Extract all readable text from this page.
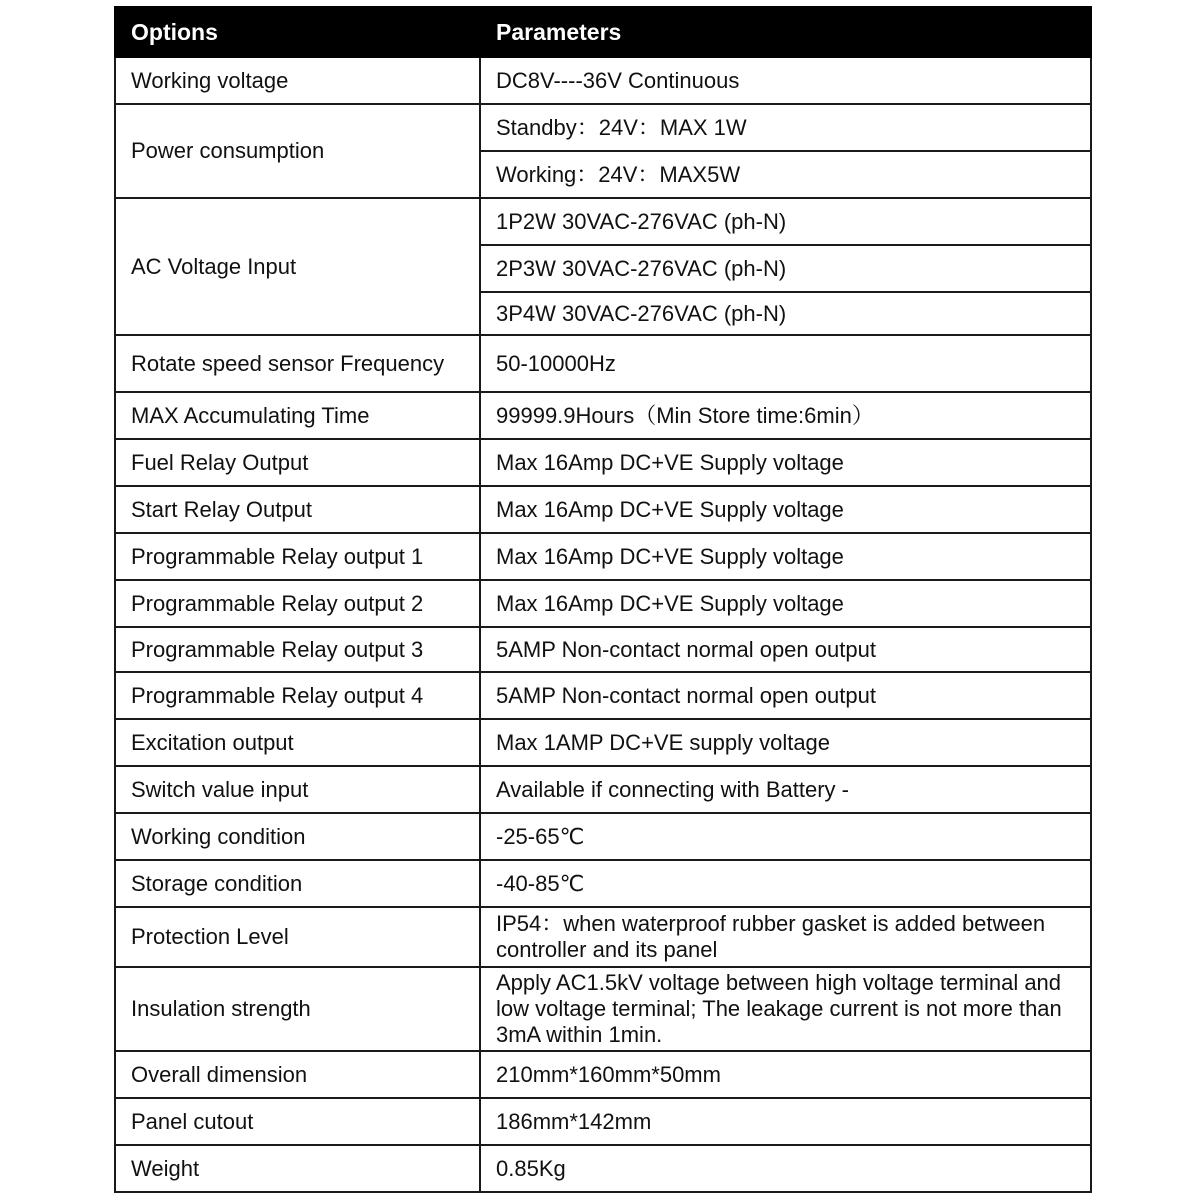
Options	Parameters
Working voltage	DC8V----36V Continuous
Power consumption	Standby：24V：MAX 1W
	Working：24V：MAX5W
AC Voltage Input	1P2W 30VAC-276VAC (ph-N)
	2P3W 30VAC-276VAC (ph-N)
	3P4W 30VAC-276VAC (ph-N)
Rotate speed sensor Frequency	50-10000Hz
MAX Accumulating Time	99999.9Hours（Min Store time:6min）
Fuel Relay Output	Max 16Amp DC+VE Supply voltage
Start Relay Output	Max 16Amp DC+VE Supply voltage
Programmable Relay output 1	Max 16Amp DC+VE Supply voltage
Programmable Relay output 2	Max 16Amp DC+VE Supply voltage
Programmable Relay output 3	5AMP Non-contact normal open output
Programmable Relay output 4	5AMP Non-contact normal open output
Excitation output	Max 1AMP DC+VE supply voltage
Switch value input	Available if connecting with Battery -
Working condition	-25-65℃
Storage condition	-40-85℃
Protection Level	IP54：when waterproof rubber gasket is added between controller and its panel
Insulation strength	Apply AC1.5kV voltage between high voltage terminal and low voltage terminal; The leakage current is not more than 3mA within 1min.
Overall dimension	210mm*160mm*50mm
Panel cutout	186mm*142mm
Weight	0.85Kg
